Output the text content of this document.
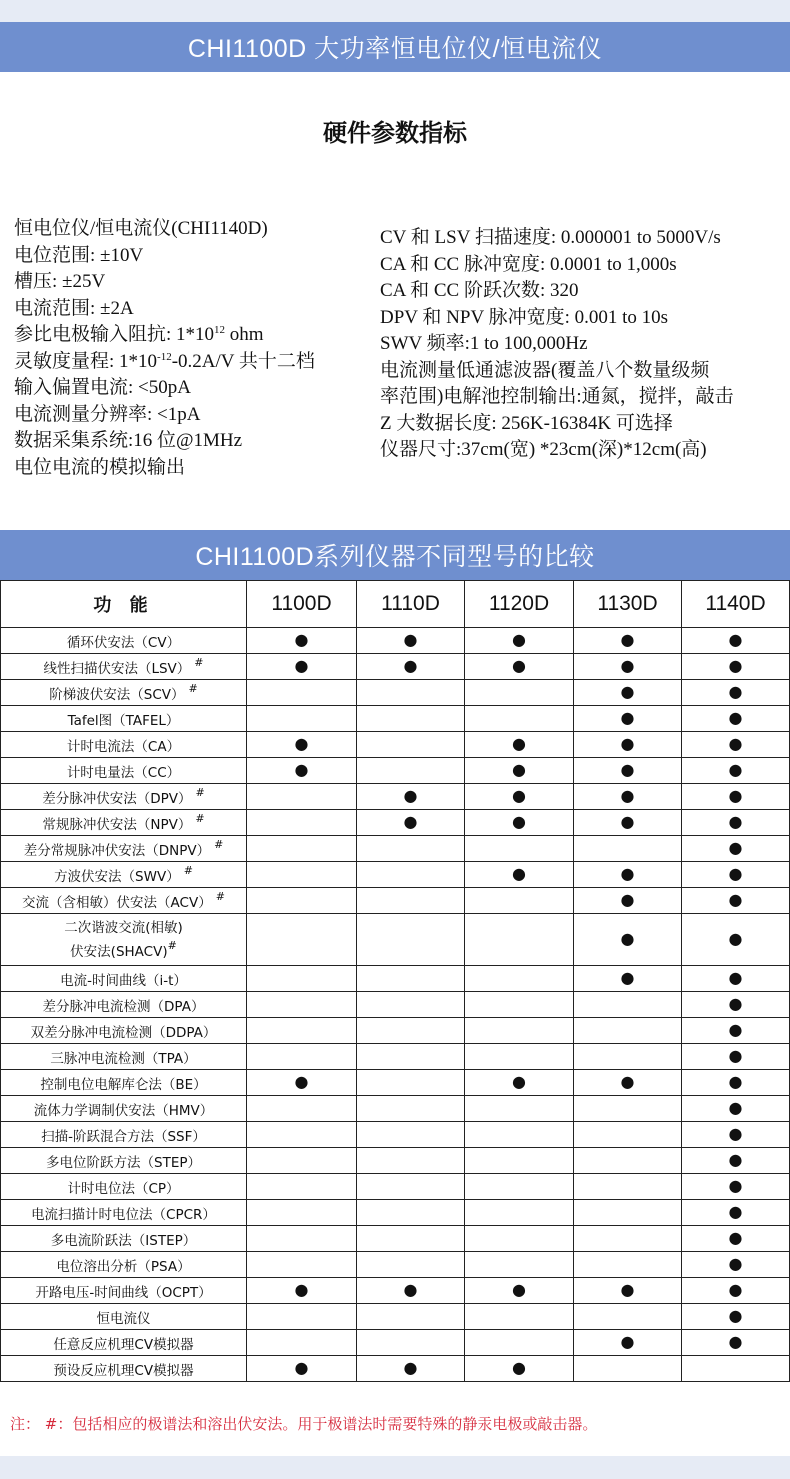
CHI1100D 大功率恒电位仪/恒电流仪
硬件参数指标
恒电位仪/恒电流仪(CHI1140D)
电位范围: ±10V
槽压: ±25V
电流范围: ±2A
参比电极输入阻抗: $1*10^{12}$ ohm
灵敏度量程: $1*10^{-12}-0.2A/V$ 共十二档
输入偏置电流: <50pA
电流测量分辨率: <1pA
数据采集系统:16 位@1MHz
电位电流的模拟输出
CV 和 LSV 扫描速度: 0.000001 to 5000V/s
CA 和 CC 脉冲宽度: 0.0001 to 1,000s
CA 和 CC 阶跃次数: 320
DPV 和 NPV 脉冲宽度: 0.001 to 10s
SWV 频率:1 to 100,000Hz
电流测量低通滤波器(覆盖八个数量级频
率范围)电解池控制输出:通氮，搅拌，敲击
Z 大数据长度: 256K-16384K 可选择
仪器尺寸:37cm(宽) *23cm(深)*12cm(高)
CHI1100D系列仪器不同型号的比较
功 能	1100D	1110D	1120D	1130D	1140D
循环伏安法（CV）	●	●	●	●	●
线性扫描伏安法（LSV） #	●	●	●	●	●
阶梯波伏安法（SCV） #				●	●
Tafel图（TAFEL）				●	●
计时电流法（CA）	●		●	●	●
计时电量法（CC）	●		●	●	●
差分脉冲伏安法（DPV） #		●	●	●	●
常规脉冲伏安法（NPV） #		●	●	●	●
差分常规脉冲伏安法（DNPV） #					●
方波伏安法（SWV） #			●	●	●
交流（含相敏）伏安法（ACV） #				●	●

二次谐波交流(相敏)
伏安法(SHACV)#				●	●
电流-时间曲线（i-t）				●	●
差分脉冲电流检测（DPA）					●
双差分脉冲电流检测（DDPA）					●
三脉冲电流检测（TPA）					●
控制电位电解库仑法（BE）	●		●	●	●
流体力学调制伏安法（HMV）					●
扫描-阶跃混合方法（SSF）					●
多电位阶跃方法（STEP）					●
计时电位法（CP）					●
电流扫描计时电位法（CPCR）					●
多电流阶跃法（ISTEP）					●
电位溶出分析（PSA）					●
开路电压-时间曲线（OCPT）	●	●	●	●	●
恒电流仪					●
任意反应机理CV模拟器				●	●
预设反应机理CV模拟器	●	●	●		
注： #：包括相应的极谱法和溶出伏安法。用于极谱法时需要特殊的静汞电极或敲击器。
